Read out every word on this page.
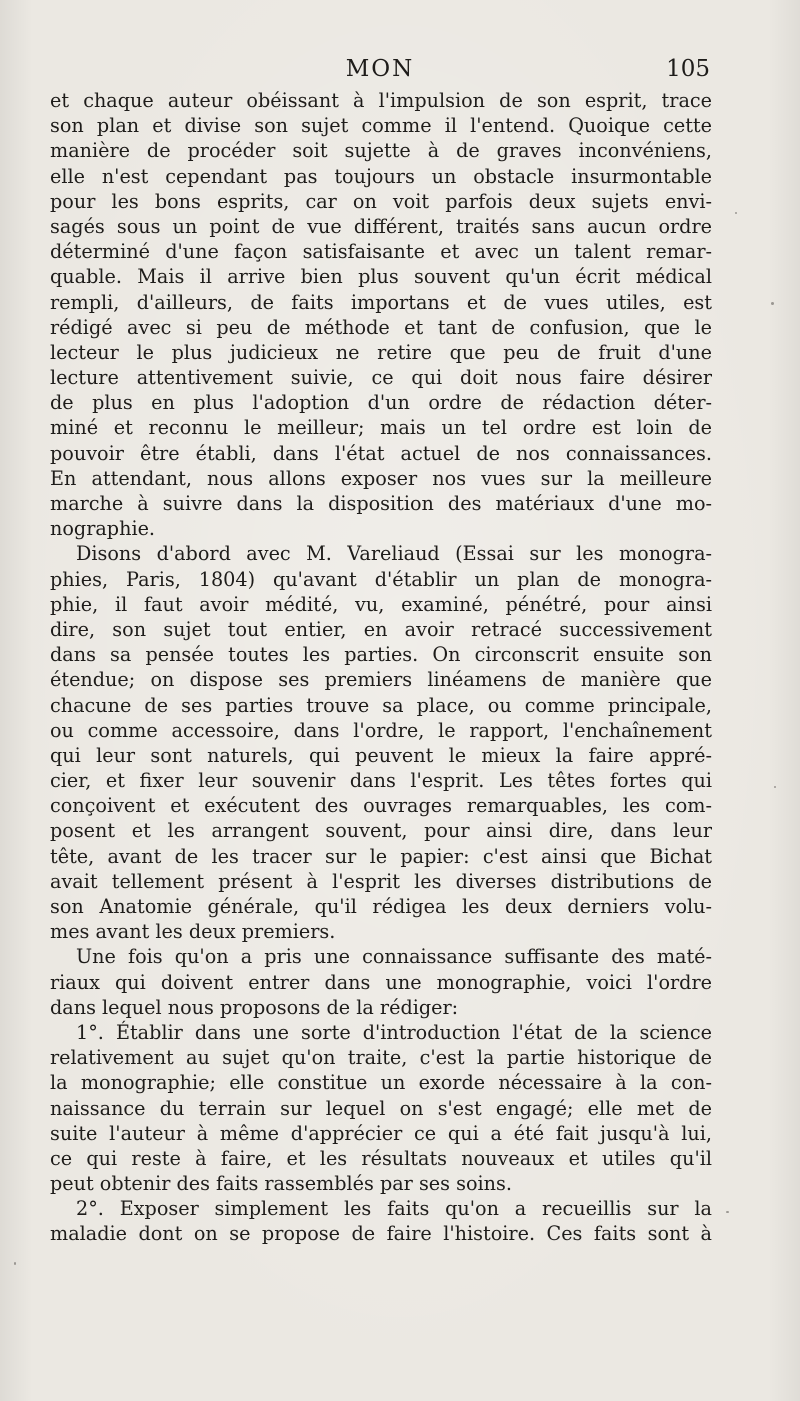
MON	105
et chaque auteur obéissant à l'impulsion de son esprit, trace
son plan et divise son sujet comme il l'entend. Quoique cette
manière de procéder soit sujette à de graves inconvéniens,
elle n'est cependant pas toujours un obstacle insurmontable
pour les bons esprits, car on voit parfois deux sujets envi-
sagés sous un point de vue différent, traités sans aucun ordre
déterminé d'une façon satisfaisante et avec un talent remar-
quable. Mais il arrive bien plus souvent qu'un écrit médical
rempli, d'ailleurs, de faits importans et de vues utiles, est
rédigé avec si peu de méthode et tant de confusion, que le
lecteur le plus judicieux ne retire que peu de fruit d'une
lecture attentivement suivie, ce qui doit nous faire désirer
de plus en plus l'adoption d'un ordre de rédaction déter-
miné et reconnu le meilleur; mais un tel ordre est loin de
pouvoir être établi, dans l'état actuel de nos connaissances.
En attendant, nous allons exposer nos vues sur la meilleure
marche à suivre dans la disposition des matériaux d'une mo-
nographie.
Disons d'abord avec M. Vareliaud (Essai sur les monogra-
phies, Paris, 1804) qu'avant d'établir un plan de monogra-
phie, il faut avoir médité, vu, examiné, pénétré, pour ainsi
dire, son sujet tout entier, en avoir retracé successivement
dans sa pensée toutes les parties. On circonscrit ensuite son
étendue; on dispose ses premiers linéamens de manière que
chacune de ses parties trouve sa place, ou comme principale,
ou comme accessoire, dans l'ordre, le rapport, l'enchaînement
qui leur sont naturels, qui peuvent le mieux la faire appré-
cier, et fixer leur souvenir dans l'esprit. Les têtes fortes qui
conçoivent et exécutent des ouvrages remarquables, les com-
posent et les arrangent souvent, pour ainsi dire, dans leur
tête, avant de les tracer sur le papier: c'est ainsi que Bichat
avait tellement présent à l'esprit les diverses distributions de
son Anatomie générale, qu'il rédigea les deux derniers volu-
mes avant les deux premiers.
Une fois qu'on a pris une connaissance suffisante des maté-
riaux qui doivent entrer dans une monographie, voici l'ordre
dans lequel nous proposons de la rédiger:
1°. Établir dans une sorte d'introduction l'état de la science
relativement au sujet qu'on traite, c'est la partie historique de
la monographie; elle constitue un exorde nécessaire à la con-
naissance du terrain sur lequel on s'est engagé; elle met de
suite l'auteur à même d'apprécier ce qui a été fait jusqu'à lui,
ce qui reste à faire, et les résultats nouveaux et utiles qu'il
peut obtenir des faits rassemblés par ses soins.
2°. Exposer simplement les faits qu'on a recueillis sur la
maladie dont on se propose de faire l'histoire. Ces faits sont à
